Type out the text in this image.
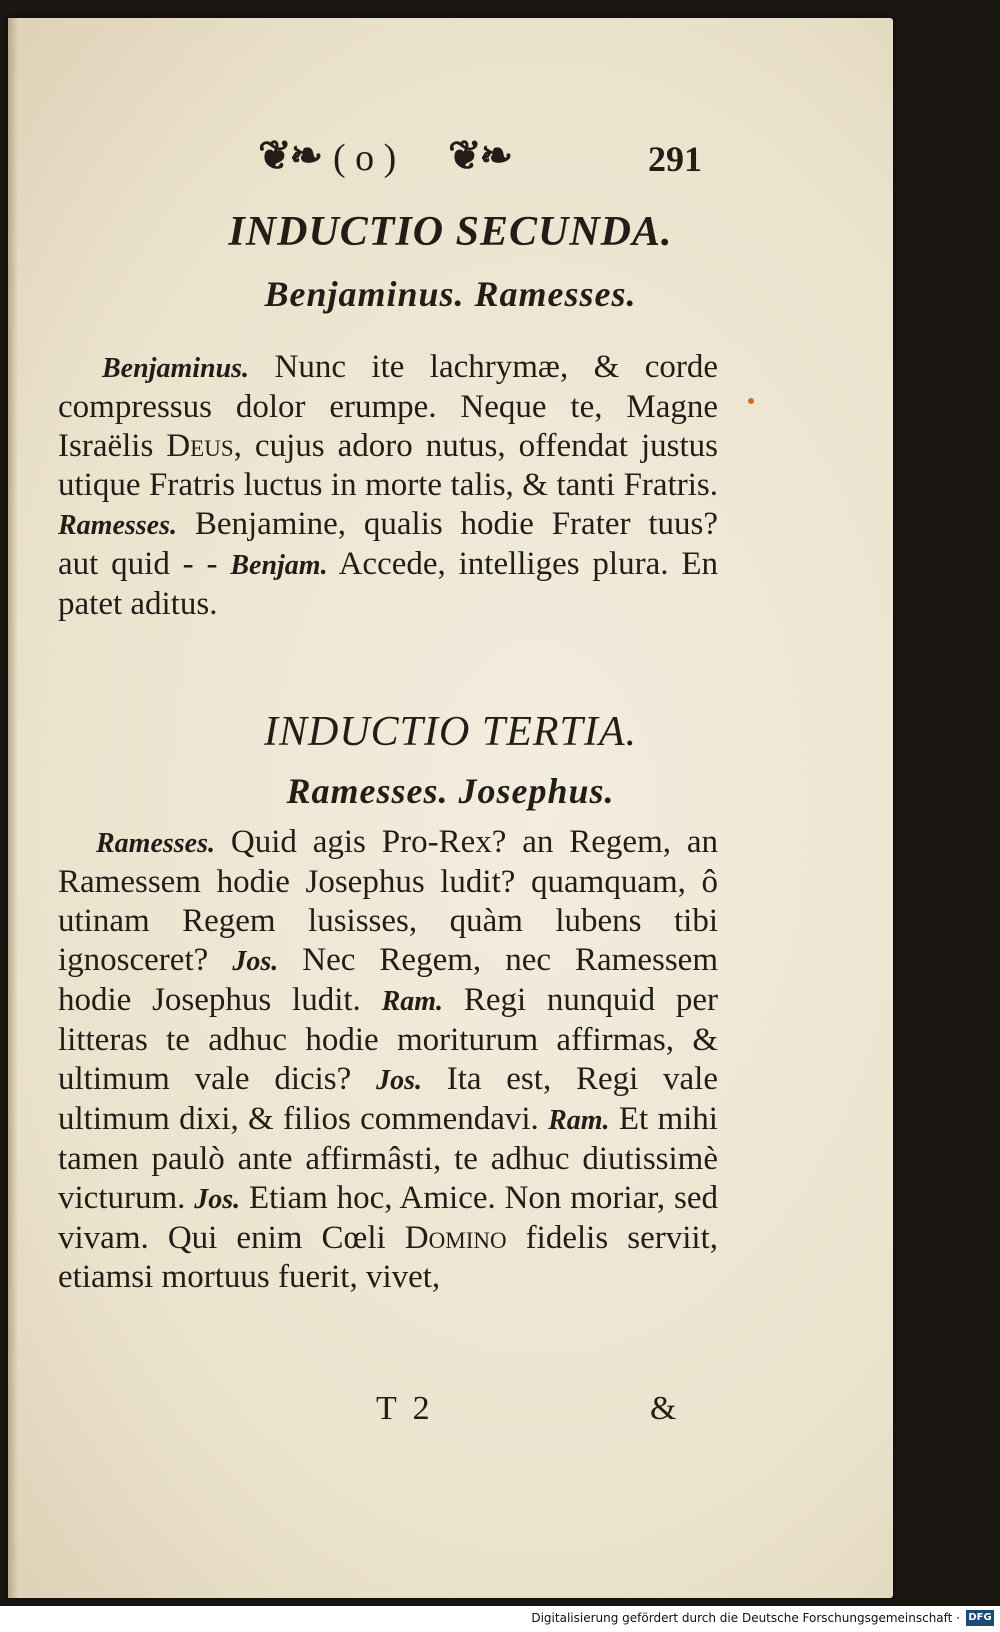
❦❧ ( o ) ❦❧	291
INDUCTIO SECUNDA.
Benjaminus. Ramesses.

Benjaminus. Nunc ite lachrymæ, & corde compressus dolor erumpe. Neque te, Magne Israëlis Deus, cujus adoro nutus, offendat justus utique Fratris luctus in morte talis, & tanti Fratris. Ramesses. Benjamine, qualis hodie Frater tuus? aut quid - - Benjam. Accede, intelliges plura. En patet aditus.

INDUCTIO TERTIA.
Ramesses. Josephus.

Ramesses. Quid agis Pro-Rex? an Regem, an Ramessem hodie Josephus ludit? quamquam, ô utinam Regem lusisses, quàm lubens tibi ignosceret? Jos. Nec Regem, nec Ramessem hodie Josephus ludit. Ram. Regi nunquid per litteras te adhuc hodie moriturum affirmas, & ultimum vale dicis? Jos. Ita est, Regi vale ultimum dixi, & filios commendavi. Ram. Et mihi tamen paulò ante affirmâsti, te adhuc diutissimè victurum. Jos. Etiam hoc, Amice. Non moriar, sed vivam. Qui enim Cœli Domino fidelis serviit, etiamsi mortuus fuerit, vivet,

T 2	&
Digitalisierung gefördert durch die Deutsche Forschungsgemeinschaft · DFG
